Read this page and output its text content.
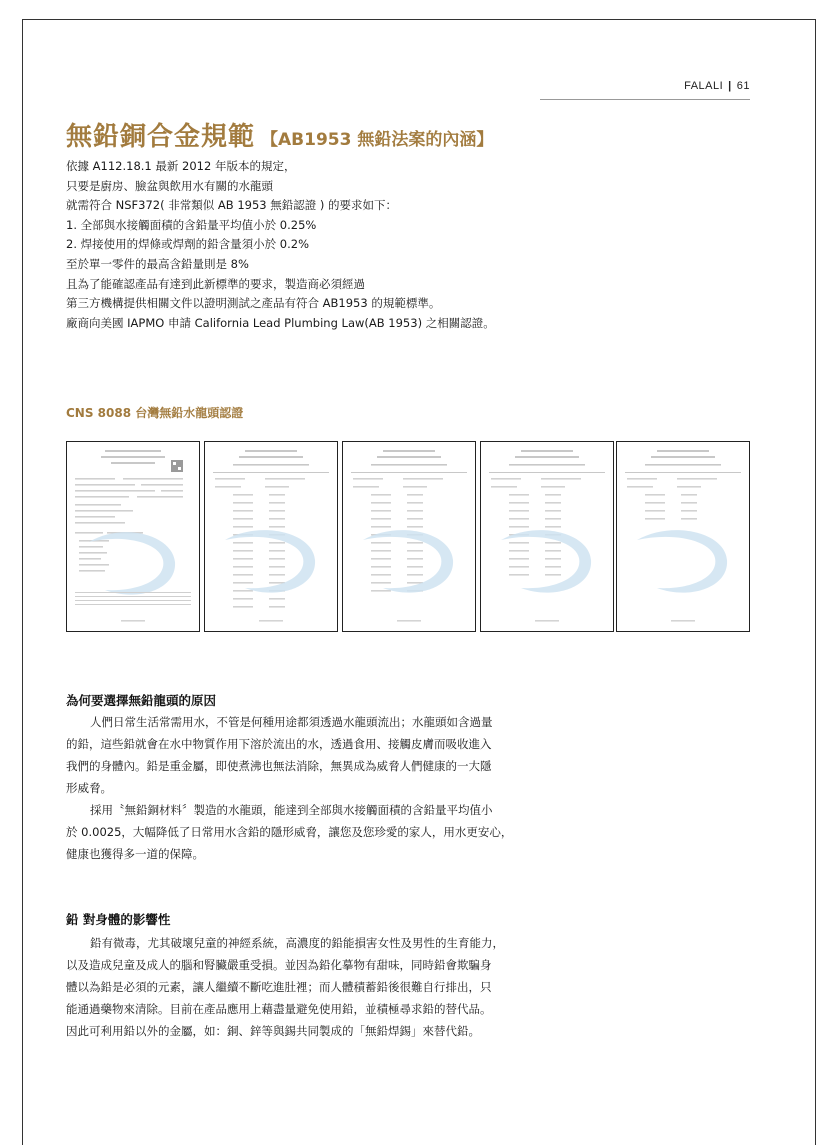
FALALI | 61
無鉛銅合金規範 【AB1953 無鉛法案的內涵】
依據 A112.18.1 最新 2012 年版本的規定，
只要是廚房、臉盆與飲用水有關的水龍頭
就需符合 NSF372( 非常類似 AB 1953 無鉛認證 ) 的要求如下：
1. 全部與水接觸面積的含鉛量平均值小於 0.25%
2. 焊接使用的焊條或焊劑的鉛含量須小於 0.2%
至於單一零件的最高含鉛量則是 8%
且為了能確認產品有達到此新標準的要求，製造商必須經過
第三方機構提供相關文件以證明測試之產品有符合 AB1953 的規範標準。
廠商向美國 IAPMO 申請 California Lead Plumbing Law(AB 1953) 之相關認證。
CNS 8088 台灣無鉛水龍頭認證
為何要選擇無鉛龍頭的原因
人們日常生活常需用水，不管是何種用途都須透過水龍頭流出；水龍頭如含過量
的鉛，這些鉛就會在水中物質作用下溶於流出的水，透過食用、接觸皮膚而吸收進入
我們的身體內。鉛是重金屬，即使煮沸也無法消除，無異成為威脅人們健康的一大隱
形威脅。
採用〝無鉛銅材料〞製造的水龍頭，能達到全部與水接觸面積的含鉛量平均值小
於 0.0025，大幅降低了日常用水含鉛的隱形威脅，讓您及您珍愛的家人，用水更安心，
健康也獲得多一道的保障。
鉛 對身體的影響性
鉛有微毒，尤其破壞兒童的神經系統，高濃度的鉛能損害女性及男性的生育能力，
以及造成兒童及成人的腦和腎臟嚴重受損。並因為鉛化摹物有甜味，同時鉛會欺騙身
體以為鉛是必須的元素，讓人繼續不斷吃進肚裡；而人體積蓄鉛後很難自行排出，只
能通過藥物來清除。目前在產品應用上藉盡量避免使用鉛，並積極尋求鉛的替代品。
因此可利用鉛以外的金屬，如：銅、鋅等與錫共同製成的「無鉛焊錫」來替代鉛。
